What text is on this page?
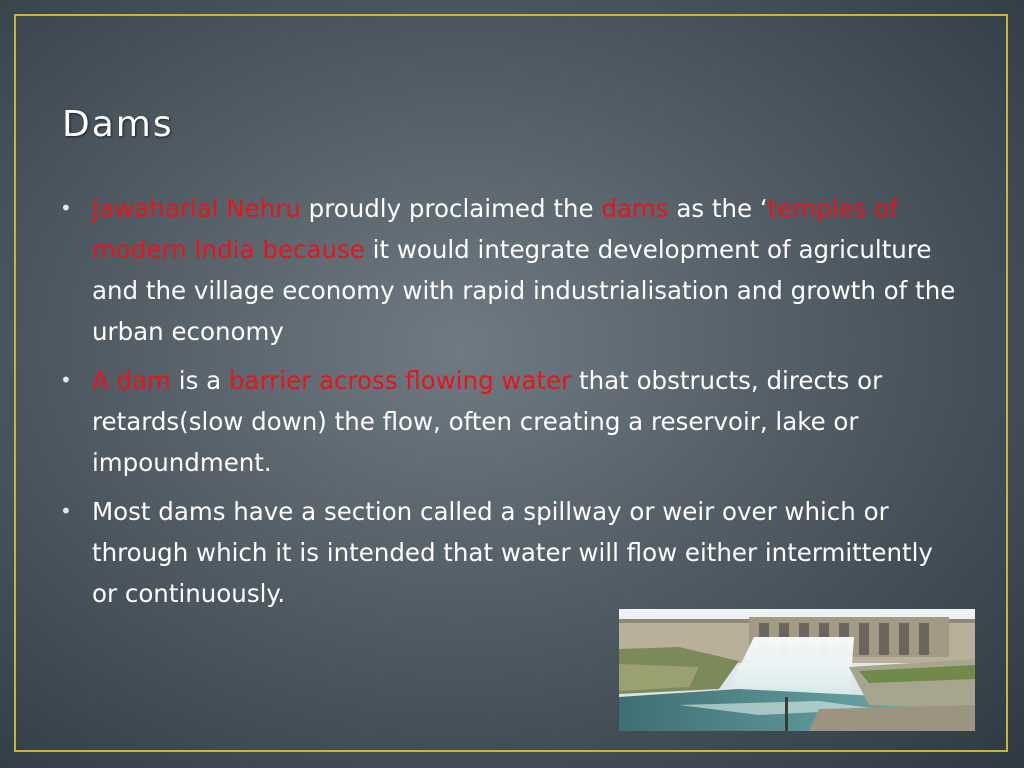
Dams
• Jawaharlal Nehru proudly proclaimed the dams as the ‘temples of modern India because it would integrate development of agriculture and the village economy with rapid industrialisation and growth of the urban economy
• A dam is a barrier across flowing water that obstructs, directs or retards(slow down) the flow, often creating a reservoir, lake or impoundment.
• Most dams have a section called a spillway or weir over which or through which it is intended that water will flow either intermittently or continuously.
